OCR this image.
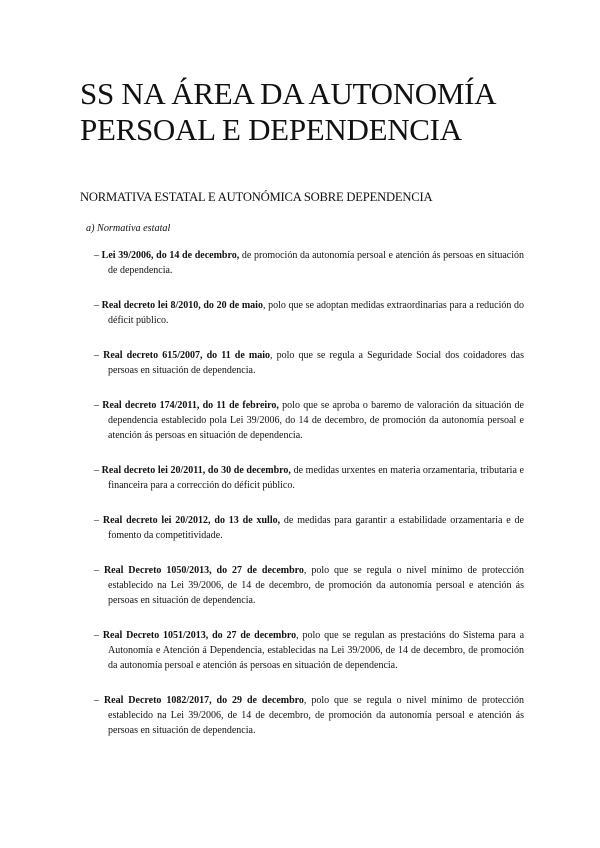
SS NA ÁREA DA AUTONOMÍA PERSOAL E DEPENDENCIA
NORMATIVA ESTATAL E AUTONÓMICA SOBRE DEPENDENCIA

a) Normativa estatal

– Lei 39/2006, do 14 de decembro, de promoción da autonomía persoal e atención ás persoas en situación de dependencia.
– Real decreto lei 8/2010, do 20 de maio, polo que se adoptan medidas extraordinarias para a redución do déficit público.
– Real decreto 615/2007, do 11 de maio, polo que se regula a Seguridade Social dos coidadores das persoas en situación de dependencia.
– Real decreto 174/2011, do 11 de febreiro, polo que se aproba o baremo de valoración da situación de dependencia establecido pola Lei 39/2006, do 14 de decembro, de promoción da autonomía persoal e atención ás persoas en situación de dependencia.
– Real decreto lei 20/2011, do 30 de decembro, de medidas urxentes en materia orzamentaria, tributaria e financeira para a corrección do déficit público.
– Real decreto lei 20/2012, do 13 de xullo, de medidas para garantir a estabilidade orzamentaria e de fomento da competitividade.
– Real Decreto 1050/2013, do 27 de decembro, polo que se regula o nivel mínimo de protección establecido na Lei 39/2006, de 14 de decembro, de promoción da autonomía persoal e atención ás persoas en situación de dependencia.
– Real Decreto 1051/2013, do 27 de decembro, polo que se regulan as prestacións do Sistema para a Autonomía e Atención á Dependencia, establecidas na Lei 39/2006, de 14 de decembro, de promoción da autonomía persoal e atención ás persoas en situación de dependencia.
– Real Decreto 1082/2017, do 29 de decembro, polo que se regula o nivel mínimo de protección establecido na Lei 39/2006, de 14 de decembro, de promoción da autonomía persoal e atención ás persoas en situación de dependencia.
